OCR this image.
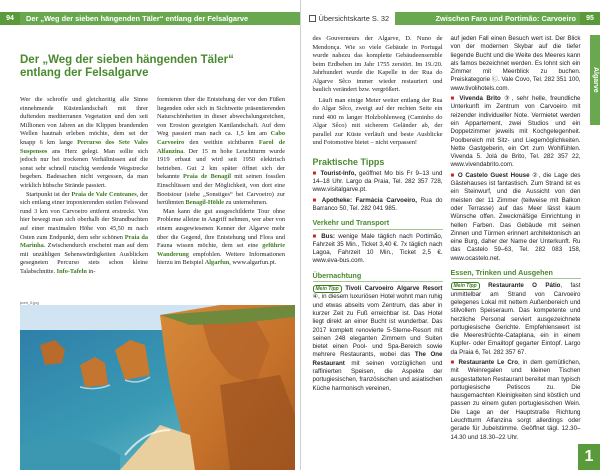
94	Der „Weg der sieben hängenden Täler“ entlang der Felsalgarve
Der „Weg der sieben hängenden Täler“
entlang der Felsalgarve

Wer die schroffe und gleichzeitig alle Sinne einnehmende Küstenlandschaft mit ihrer duftenden mediterranen Vegetation und den seit Millionen von Jahren an die Klippen brandenden Wellen hautnah erleben möchte, dem sei der knapp 6 km lange Percurso dos Sete Vales Suspensos ans Herz gelegt. Man sollte sich jedoch nur bei trockenen Verhältnissen auf die sonst sehr schnell rutschig werdende Wegstrecke begeben. Badesachen nicht vergessen, da man wirklich hübsche Strände passiert.

Startpunkt ist der Praia de Vale Centeanes, der sich entlang einer imponierenden steilen Felswand rund 3 km von Carvoeiro entfernt erstreckt. Von hier bewegt man sich oberhalb der Strandbuchten auf einer maximalen Höhe von 45,50 m nach Osten zum Endpunkt, dem sehr schönen Praia da Marinha. Zwischendurch erscheint man auf dem mit unzähligen Sehenswürdigkeiten Ausblicken gesegneten Percurso stets schon kleine Talabschnitte. Info-Tafeln in-

formieren über die Entstehung der vor den Füßen liegenden oder sich in Sichtweite präsentierenden Naturschönheiten in dieser abwechslungsreichen, von Erosion gezeigten Kantlandschaft. Auf dem Weg passiert man nach ca. 1,5 km am Cabo Carvoeiro den weithin sichtbaren Farol de Alfanzina. Der 15 m hohe Leuchtturm wurde 1919 erbaut und wird seit 1950 elektrisch betrieben. Gut 2 km später öffnet sich der bekannte Praia de Benagil mit seinen fossilen Einschlüssen und der Möglichkeit, von dort eine Bootstour (siehe „Sonstiges“ bei Carvoeiro) zur berühmten Benagil-Höhle zu unternehmen.

Man kann die gut ausgeschilderte Tour ohne Probleme alleine in Angriff nehmen, wer aber von einem ausgewiesenen Kenner der Algarve mehr über die Gegend, ihre Entstehung und Flora und Fauna wissen möchte, dem sei eine geführte Wanderung empfohlen. Weitere Informationen hierzu im Beispiel Algarfun, www.algarfun.pt.

pum_0.jpg
Übersichtskarte S. 32	Zwischen Faro und Portimão: Carvoeiro	95
Algarve
1

des Gouverneurs der Algarve, D. Nuno de Mendonça. Wie so viele Gebäude in Portugal wurde nahezu das komplette Gebäudeensemble beim Erdbeben im Jahr 1755 zerstört. Im 19./20. Jahrhundert wurde die Kapelle in der Rua do Algarve Sêco immer wieder restauriert und baulich verändert bzw. vergrößert.

Läuft man einige Meter weiter entlang der Rua do Algar Sêco, zweigt auf der rechten Seite ein rund 400 m langer Holzbohlenweg (Caminho do Algar Sêco) mit sicherem Geländer ab, der parallel zur Küste verläuft und beste Ausblicke und Fotomotive bietet – nicht verpassen!

Praktische Tipps

■ Tourist-Info, geöffnet Mo bis Fr 9–13 und 14–18 Uhr. Largo da Praia, Tel. 282 357 728, www.visitalgarve.pt.

■ Apotheke: Farmácia Carvoeiro, Rua do Barranco 50, Tel. 282 041 985.

Verkehr und Transport

■ Bus: wenige Male täglich nach Portimão, Fahrzeit 35 Min., Ticket 3,40 €. 7x täglich nach Lagoa, Fahrzeit 10 Min., Ticket 2,5 €. www.eva-bus.com.

Übernachtung

Mein Tipp Tivoli Carvoeiro Algarve Resort ④, in diesem luxuriösen Hotel wohnt man ruhig und etwas abseits vom Zentrum, das aber in kurzer Zeit zu Fuß erreichbar ist. Das Hotel liegt direkt an einer Bucht ist wunderbar. Das 2017 komplett renovierte 5-Sterne-Resort mit seinen 248 eleganten Zimmern und Suiten bietet einen Pool- und Spa-Bereich sowie mehrere Restaurants, wobei das The One Restaurant mit seinen vorzüglichen und raffinierten Speisen, die Aspekte der portugiesischen, französischen und asiatischen Küche harmonisch vereinen,

auf jeden Fall einen Besuch wert ist. Der Blick von der modernen Skybar auf die tiefer liegende Bucht und die Weite des Meeres kann als famos bezeichnet werden. Es lohnt sich ein Zimmer mit Meerblick zu buchen. Preiskategorie Ⓒ. Vale Covo, Tel. 282 351 100, www.tivolihotels.com.

■ Vivenda Brito ③, sehr helle, freundliche Unterkunft im Zentrum von Carvoeiro mit reizender individueller Note. Vermietet werden ein Appartement, zwei Studios und ein Doppelzimmer jeweils mit Kochgelegenheit. Poolbereich mit Sitz- und Liegemöglichkeiten. Nette Gastgeberin, ein Ort zum Wohlfühlen. Vivenda 5. Jolá de Brito, Tel. 282 357 22, www.vivendabrito.com.

■ O Castelo Guest House ②, die Lage des Gästehauses ist fantastisch. Zum Strand ist es ein Steinwurf, und die Aussicht von den meisten der 11 Zimmer (teilweise mit Balkon oder Terrasse) auf das Meer lässt kaum Wünsche offen. Zweckmäßige Einrichtung in hellen Farben. Das Gebäude mit seinen Zinnen und Türmen erinnert architektonisch an eine Burg, daher der Name der Unterkunft. Ru das Castelo 59–63, Tel. 282 083 158, www.ocastelo.net.

Essen, Trinken und Ausgehen

Mein Tipp Restaurante O Pátio, fast unmittelbar am Strand von Carvoeiro gelegenes Lokal mit nettem Außenbereich und stilvollem Speiseraum. Das kompetente und herzliche Personal serviert ausgezeichnete portugiesische Gerichte. Empfehlenswert ist die Meeresfrüchte-Cataplana, ein in einem Kupfer- oder Emailtopf gegarter Eintopf. Largo da Praia 6, Tel. 282 357 67.

■ Restaurante Le Cro, in dem gemütlichen, mit Weinregalen und kleinen Tischen ausgestatteten Restaurant bereitet man typisch portugiesische Petiscos zu. Die hausgemachten Kleinigkeiten sind köstlich und passen zu einem guten portugiesischen Wein. Die Lage an der Hauptstraße Richtung Leuchtturm Alfanzina sorgt allerdings oder gerade für Jubelstimme. Geöffnet tägl. 12.30–14.30 und 18.30–22 Uhr.
